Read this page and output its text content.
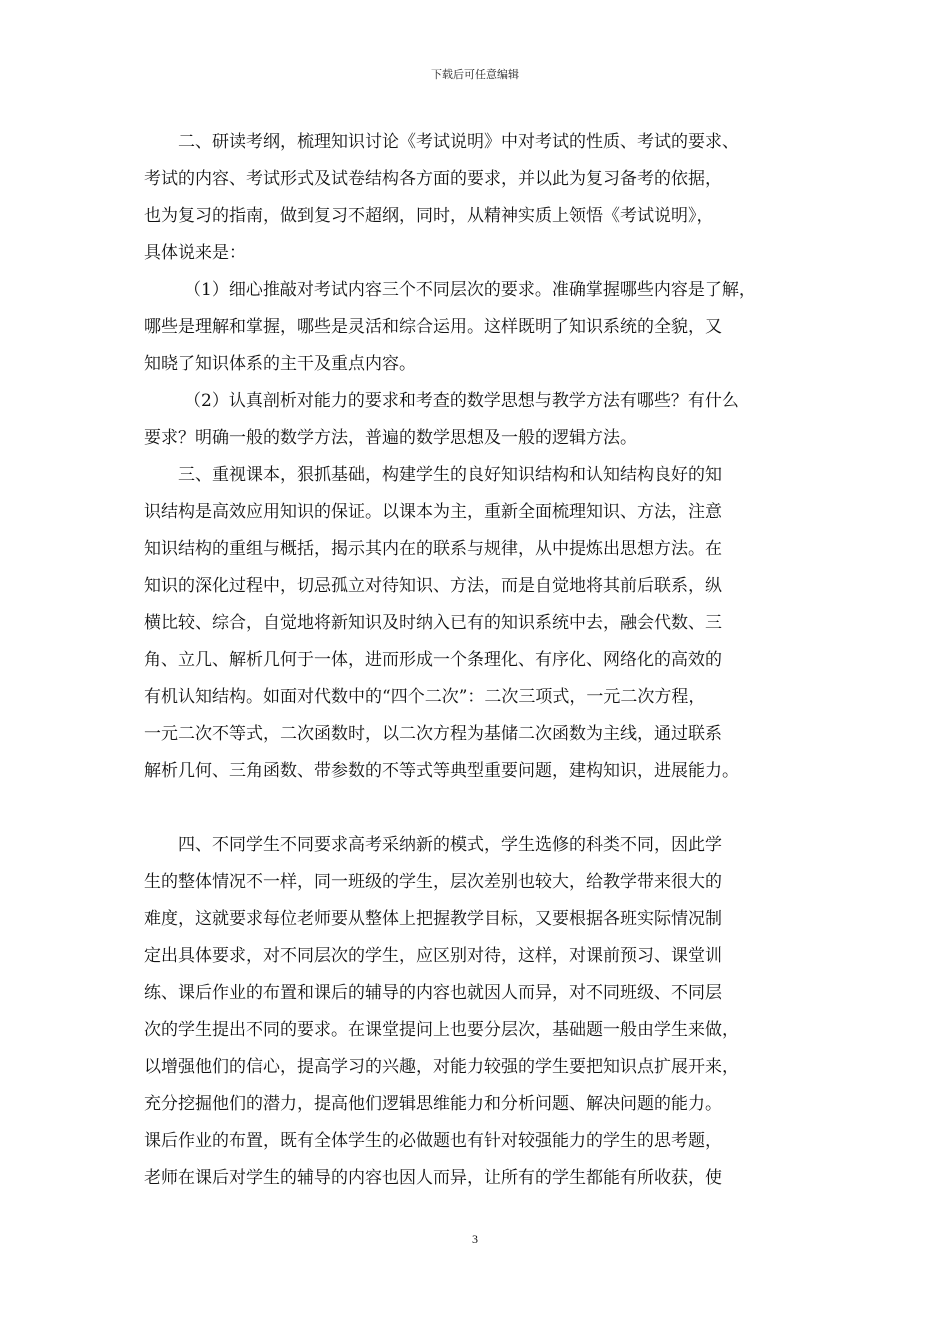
下载后可任意编辑
二、研读考纲，梳理知识讨论《考试说明》中对考试的性质、考试的要求、
考试的内容、考试形式及试卷结构各方面的要求，并以此为复习备考的依据，
也为复习的指南，做到复习不超纲，同时，从精神实质上领悟《考试说明》，
具体说来是：
（1）细心推敲对考试内容三个不同层次的要求。准确掌握哪些内容是了解，
哪些是理解和掌握，哪些是灵活和综合运用。这样既明了知识系统的全貌，又
知晓了知识体系的主干及重点内容。
（2）认真剖析对能力的要求和考查的数学思想与教学方法有哪些？有什么
要求？明确一般的数学方法，普遍的数学思想及一般的逻辑方法。
三、重视课本，狠抓基础，构建学生的良好知识结构和认知结构良好的知
识结构是高效应用知识的保证。以课本为主，重新全面梳理知识、方法，注意
知识结构的重组与概括，揭示其内在的联系与规律，从中提炼出思想方法。在
知识的深化过程中，切忌孤立对待知识、方法，而是自觉地将其前后联系，纵
横比较、综合，自觉地将新知识及时纳入已有的知识系统中去，融会代数、三
角、立几、解析几何于一体，进而形成一个条理化、有序化、网络化的高效的
有机认知结构。如面对代数中的“四个二次”：二次三项式，一元二次方程，
一元二次不等式，二次函数时，以二次方程为基储二次函数为主线，通过联系
解析几何、三角函数、带参数的不等式等典型重要问题，建构知识，进展能力。
四、不同学生不同要求高考采纳新的模式，学生选修的科类不同，因此学
生的整体情况不一样，同一班级的学生，层次差别也较大，给教学带来很大的
难度，这就要求每位老师要从整体上把握教学目标，又要根据各班实际情况制
定出具体要求，对不同层次的学生，应区别对待，这样，对课前预习、课堂训
练、课后作业的布置和课后的辅导的内容也就因人而异，对不同班级、不同层
次的学生提出不同的要求。在课堂提问上也要分层次，基础题一般由学生来做，
以增强他们的信心，提高学习的兴趣，对能力较强的学生要把知识点扩展开来，
充分挖掘他们的潜力，提高他们逻辑思维能力和分析问题、解决问题的能力。
课后作业的布置，既有全体学生的必做题也有针对较强能力的学生的思考题，
老师在课后对学生的辅导的内容也因人而异，让所有的学生都能有所收获，使
3
